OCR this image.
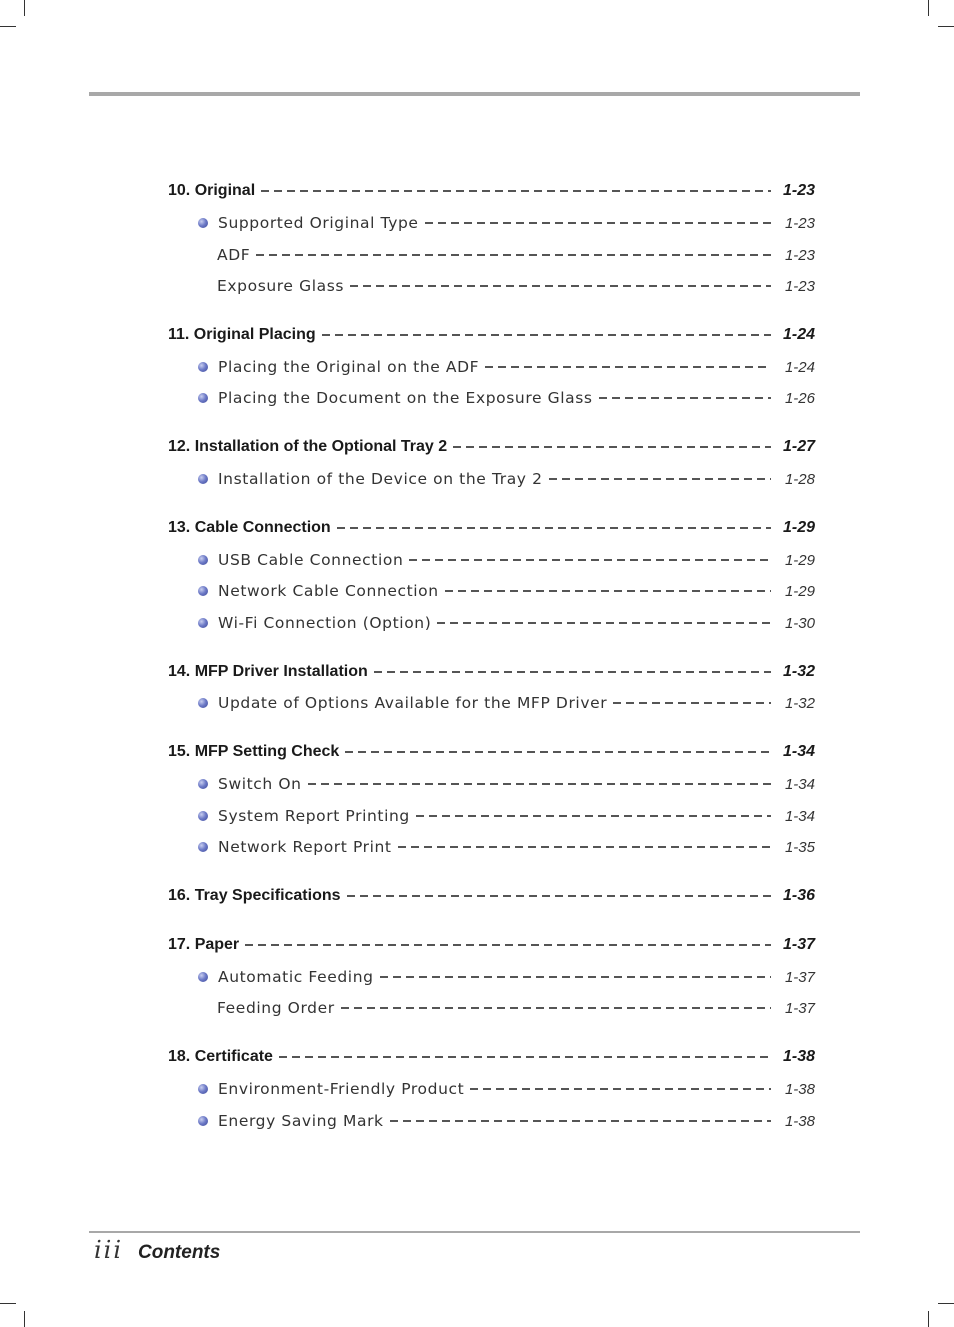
10. Original	1-23
Supported Original Type	1-23
ADF	1-23
Exposure Glass	1-23
11. Original Placing	1-24
Placing the Original on the ADF	1-24
Placing the Document on the Exposure Glass	1-26
12. Installation of the Optional Tray 2	1-27
Installation of the Device on the Tray 2	1-28
13. Cable Connection	1-29
USB Cable Connection	1-29
Network Cable Connection	1-29
Wi-Fi Connection (Option)	1-30
14. MFP Driver Installation	1-32
Update of Options Available for the MFP Driver	1-32
15. MFP Setting Check	1-34
Switch On	1-34
System Report Printing	1-34
Network Report Print	1-35
16. Tray Specifications	1-36
17. Paper	1-37
Automatic Feeding	1-37
Feeding Order	1-37
18. Certificate	1-38
Environment-Friendly Product	1-38
Energy Saving Mark	1-38
iii Contents
